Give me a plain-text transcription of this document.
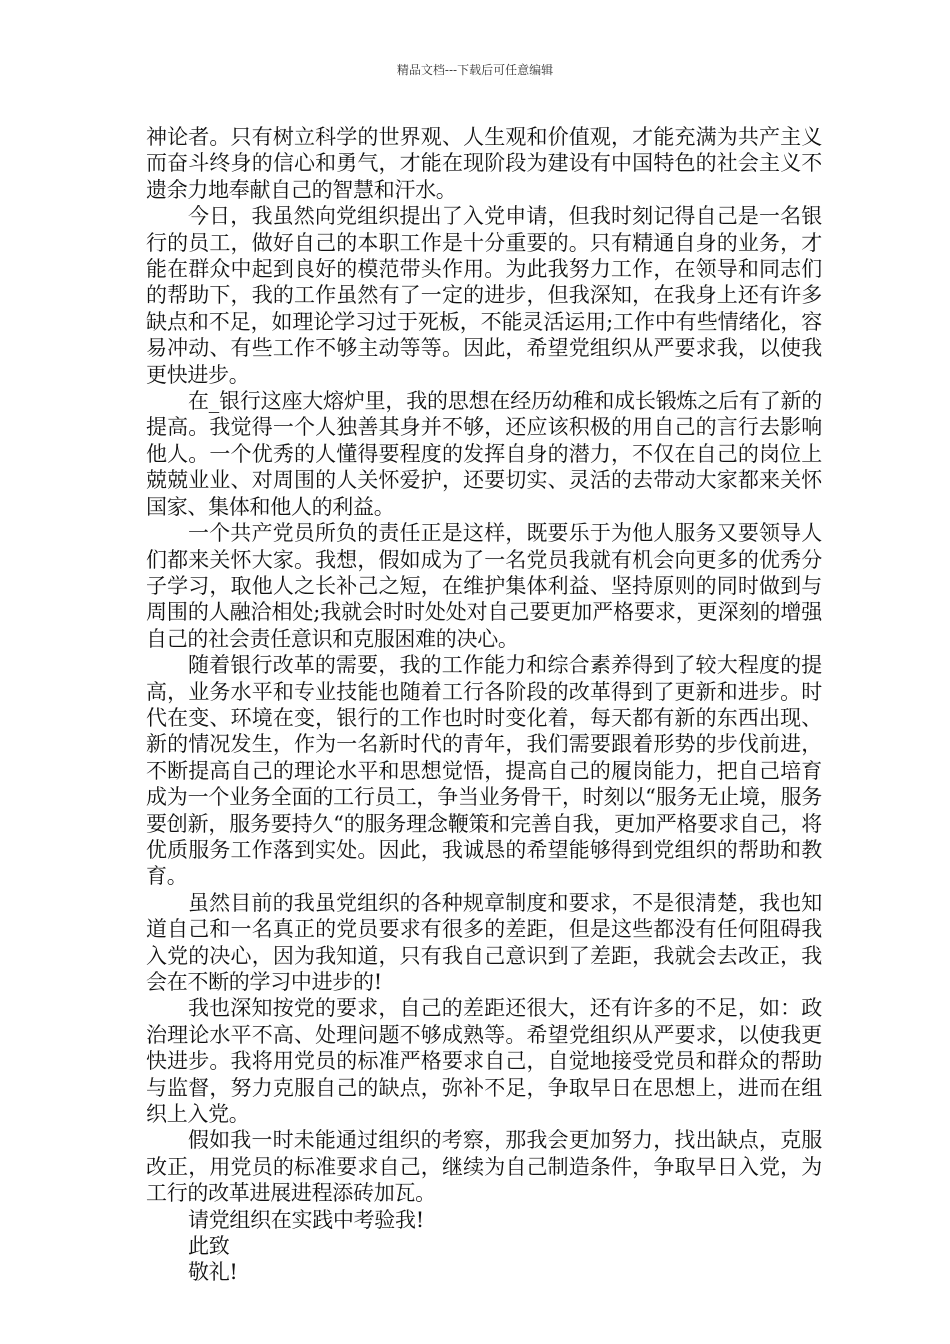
精品文档---下载后可任意编辑

神论者。只有树立科学的世界观、人生观和价值观，才能充满为共产主义而奋斗终身的信心和勇气，才能在现阶段为建设有中国特色的社会主义不遗余力地奉献自己的智慧和汗水。

今日，我虽然向党组织提出了入党申请，但我时刻记得自己是一名银行的员工，做好自己的本职工作是十分重要的。只有精通自身的业务，才能在群众中起到良好的模范带头作用。为此我努力工作，在领导和同志们的帮助下，我的工作虽然有了一定的进步，但我深知，在我身上还有许多缺点和不足，如理论学习过于死板，不能灵活运用;工作中有些情绪化，容易冲动、有些工作不够主动等等。因此，希望党组织从严要求我，以使我更快进步。

在_银行这座大熔炉里，我的思想在经历幼稚和成长锻炼之后有了新的提高。我觉得一个人独善其身并不够，还应该积极的用自己的言行去影响他人。一个优秀的人懂得要程度的发挥自身的潜力，不仅在自己的岗位上兢兢业业、对周围的人关怀爱护，还要切实、灵活的去带动大家都来关怀国家、集体和他人的利益。

一个共产党员所负的责任正是这样，既要乐于为他人服务又要领导人们都来关怀大家。我想，假如成为了一名党员我就有机会向更多的优秀分子学习，取他人之长补己之短，在维护集体利益、坚持原则的同时做到与周围的人融洽相处;我就会时时处处对自己要更加严格要求，更深刻的增强自己的社会责任意识和克服困难的决心。

随着银行改革的需要，我的工作能力和综合素养得到了较大程度的提高，业务水平和专业技能也随着工行各阶段的改革得到了更新和进步。时代在变、环境在变，银行的工作也时时变化着，每天都有新的东西出现、新的情况发生，作为一名新时代的青年，我们需要跟着形势的步伐前进，不断提高自己的理论水平和思想觉悟，提高自己的履岗能力，把自己培育成为一个业务全面的工行员工，争当业务骨干，时刻以“服务无止境，服务要创新，服务要持久“的服务理念鞭策和完善自我，更加严格要求自己，将优质服务工作落到实处。因此，我诚恳的希望能够得到党组织的帮助和教育。

虽然目前的我虽党组织的各种规章制度和要求，不是很清楚，我也知道自己和一名真正的党员要求有很多的差距，但是这些都没有任何阻碍我入党的决心，因为我知道，只有我自己意识到了差距，我就会去改正，我会在不断的学习中进步的!

我也深知按党的要求，自己的差距还很大，还有许多的不足，如：政治理论水平不高、处理问题不够成熟等。希望党组织从严要求，以使我更快进步。我将用党员的标准严格要求自己，自觉地接受党员和群众的帮助与监督，努力克服自己的缺点，弥补不足，争取早日在思想上，进而在组织上入党。

假如我一时未能通过组织的考察，那我会更加努力，找出缺点，克服改正，用党员的标准要求自己，继续为自己制造条件，争取早日入党，为工行的改革进展进程添砖加瓦。

请党组织在实践中考验我!

此致

敬礼!
